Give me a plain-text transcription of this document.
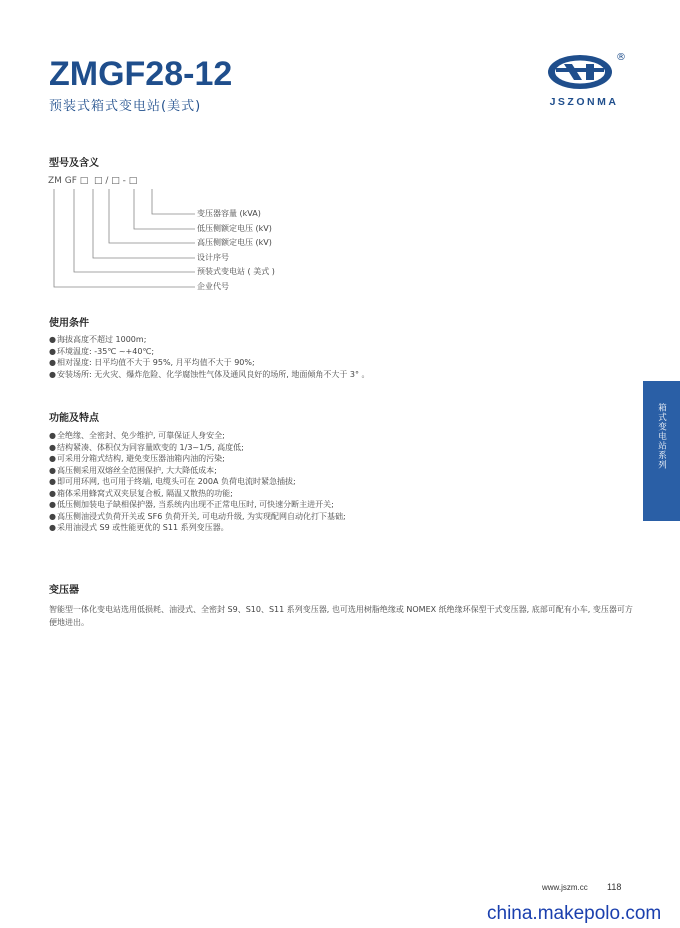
ZMGF28-12
预装式箱式变电站(美式)
®
JSZONMA
型号及含义
ZM GF □  □ / □ - □
变压器容量 (kVA)
低压侧额定电压 (kV)
高压侧额定电压 (kV)
设计序号
预装式变电站 ( 美式 )
企业代号
使用条件
●海拔高度不超过 1000m;
●环境温度: -35℃ ~+40℃;
●相对湿度: 日平均值不大于 95%, 月平均值不大于 90%;
●安装场所: 无火灾、爆炸危险、化学腐蚀性气体及通风良好的场所, 地面倾角不大于 3° 。
功能及特点
●全绝缘、全密封、免少维护, 可靠保证人身安全;
●结构紧凑、体积仅为同容量欧变的 1/3~1/5, 高度低;
●可采用分箱式结构, 避免变压器油箱内油的污染;
●高压侧采用双熔丝全范围保护, 大大降低成本;
●即可用环网, 也可用于终端, 电缆头可在 200A 负荷电流时紧急插拔;
●箱体采用蜂窝式双夹层复合板, 隔温又散热的功能;
●低压侧加装电子缺相保护器, 当系统内出现不正常电压时, 可快速分断主进开关;
●高压侧油浸式负荷开关或 SF6 负荷开关, 可电动升级, 为实现配网自动化打下基础;
●采用油浸式 S9 或性能更优的 S11 系列变压器。
变压器
智能型一体化变电站选用低损耗、油浸式、全密封 S9、S10、S11 系列变压器, 也可选用树脂绝缘或 NOMEX 纸绝缘环保型干式变压器, 底部可配有小车, 变压器可方便地进出。
箱式变电站系列
www.jszm.cc 118
china.makepolo.com
